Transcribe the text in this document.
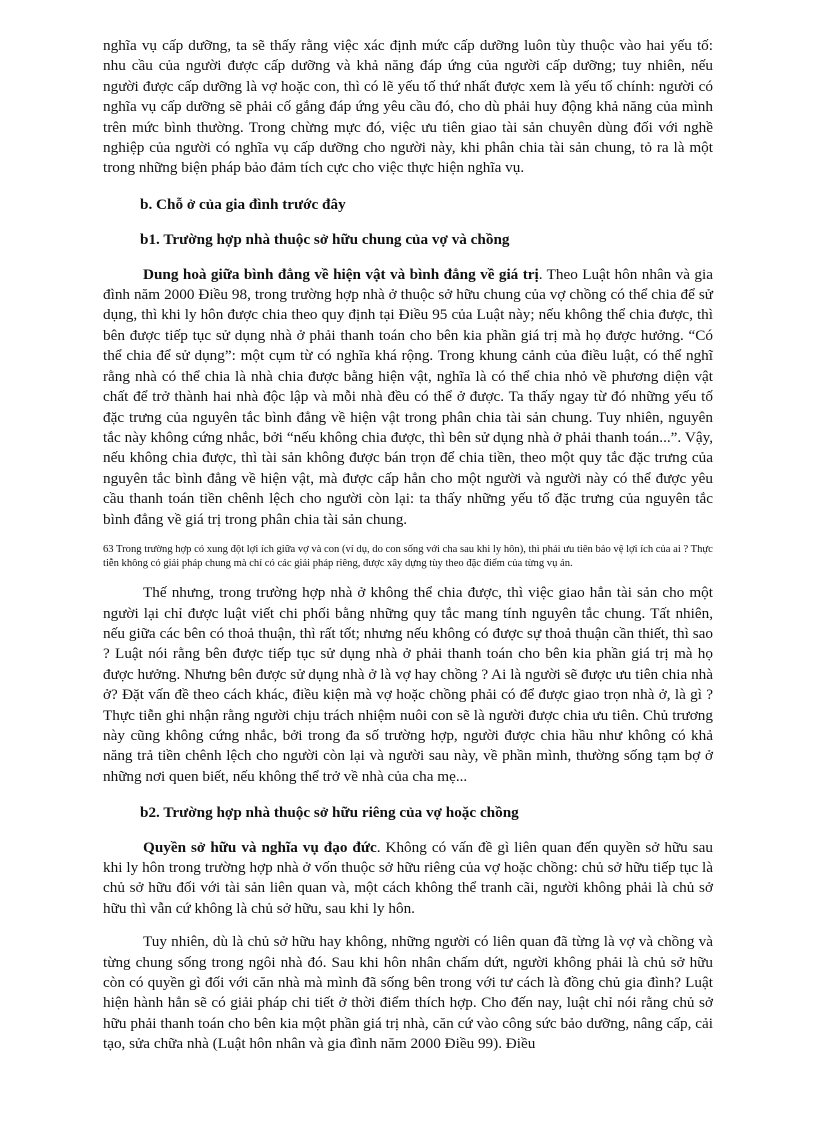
nghĩa vụ cấp dưỡng, ta sẽ thấy rằng việc xác định mức cấp dưỡng luôn tùy thuộc vào hai yếu tố: nhu cầu của người được cấp dưỡng và khả năng đáp ứng của người cấp dưỡng; tuy nhiên, nếu người được cấp dưỡng là vợ hoặc con, thì có lẽ yếu tố thứ nhất được xem là yếu tố chính: người có nghĩa vụ cấp dưỡng sẽ phải cố gắng đáp ứng yêu cầu đó, cho dù phải huy động khả năng của mình trên mức bình thường. Trong chừng mực đó, việc ưu tiên giao tài sản chuyên dùng đối với nghề nghiệp của người có nghĩa vụ cấp dưỡng cho người này, khi phân chia tài sản chung, tỏ ra là một trong những biện pháp bảo đảm tích cực cho việc thực hiện nghĩa vụ.

b. Chỗ ở của gia đình trước đây

b1. Trường hợp nhà thuộc sở hữu chung của vợ và chồng

Dung hoà giữa bình đẳng về hiện vật và bình đẳng về giá trị. Theo Luật hôn nhân và gia đình năm 2000 Điều 98, trong trường hợp nhà ở thuộc sở hữu chung của vợ chồng có thể chia để sử dụng, thì khi ly hôn được chia theo quy định tại Điều 95 của Luật này; nếu không thể chia được, thì bên được tiếp tục sử dụng nhà ở phải thanh toán cho bên kia phần giá trị mà họ được hưởng. “Có thể chia để sử dụng”: một cụm từ có nghĩa khá rộng. Trong khung cảnh của điều luật, có thể nghĩ rằng nhà có thể chia là nhà chia được bằng hiện vật, nghĩa là có thể chia nhỏ về phương diện vật chất để trở thành hai nhà độc lập và mỗi nhà đều có thể ở được. Ta thấy ngay từ đó những yếu tố đặc trưng của nguyên tắc bình đẳng về hiện vật trong phân chia tài sản chung. Tuy nhiên, nguyên tắc này không cứng nhắc, bởi “nếu không chia được, thì bên sử dụng nhà ở phải thanh toán...”. Vậy, nếu không chia được, thì tài sản không được bán trọn để chia tiền, theo một quy tắc đặc trưng của nguyên tắc bình đẳng về hiện vật, mà được cấp hẳn cho một người và người này có thể được yêu cầu thanh toán tiền chênh lệch cho người còn lại: ta thấy những yếu tố đặc trưng của nguyên tắc bình đẳng về giá trị trong phân chia tài sản chung.

63 Trong trường hợp có xung đột lợi ích giữa vợ và con (ví dụ, do con sống với cha sau khi ly hôn), thì phải ưu tiên bảo vệ lợi ích của ai ? Thực tiễn không có giải pháp chung mà chỉ có các giải pháp riêng, được xây dựng tùy theo đặc điểm của từng vụ án.

Thế nhưng, trong trường hợp nhà ở không thể chia được, thì việc giao hẳn tài sản cho một người lại chỉ được luật viết chi phối bằng những quy tắc mang tính nguyên tắc chung. Tất nhiên, nếu giữa các bên có thoả thuận, thì rất tốt; nhưng nếu không có được sự thoả thuận cần thiết, thì sao ? Luật nói rằng bên được tiếp tục sử dụng nhà ở phải thanh toán cho bên kia phần giá trị mà họ được hưởng. Nhưng bên được sử dụng nhà ở là vợ hay chồng ? Ai là người sẽ được ưu tiên chia nhà ở? Đặt vấn đề theo cách khác, điều kiện mà vợ hoặc chồng phải có để được giao trọn nhà ở, là gì ? Thực tiễn ghi nhận rằng người chịu trách nhiệm nuôi con sẽ là người được chia ưu tiên. Chủ trương này cũng không cứng nhắc, bởi trong đa số trường hợp, người được chia hầu như không có khả năng trả tiền chênh lệch cho người còn lại và người sau này, về phần mình, thường sống tạm bợ ở những nơi quen biết, nếu không thể trở về nhà của cha mẹ...

b2. Trường hợp nhà thuộc sở hữu riêng của vợ hoặc chồng

Quyền sở hữu và nghĩa vụ đạo đức. Không có vấn đề gì liên quan đến quyền sở hữu sau khi ly hôn trong trường hợp nhà ở vốn thuộc sở hữu riêng của vợ hoặc chồng: chủ sở hữu tiếp tục là chủ sở hữu đối với tài sản liên quan và, một cách không thể tranh cãi, người không phải là chủ sở hữu thì vẫn cứ không là chủ sở hữu, sau khi ly hôn.

Tuy nhiên, dù là chủ sở hữu hay không, những người có liên quan đã từng là vợ và chồng và từng chung sống trong ngôi nhà đó. Sau khi hôn nhân chấm dứt, người không phải là chủ sở hữu còn có quyền gì đối với căn nhà mà mình đã sống bên trong với tư cách là đồng chủ gia đình? Luật hiện hành hẳn sẽ có giải pháp chi tiết ở thời điểm thích hợp. Cho đến nay, luật chỉ nói rằng chủ sở hữu phải thanh toán cho bên kia một phần giá trị nhà, căn cứ vào công sức bảo dưỡng, nâng cấp, cải tạo, sửa chữa nhà (Luật hôn nhân và gia đình năm 2000 Điều 99). Điều
